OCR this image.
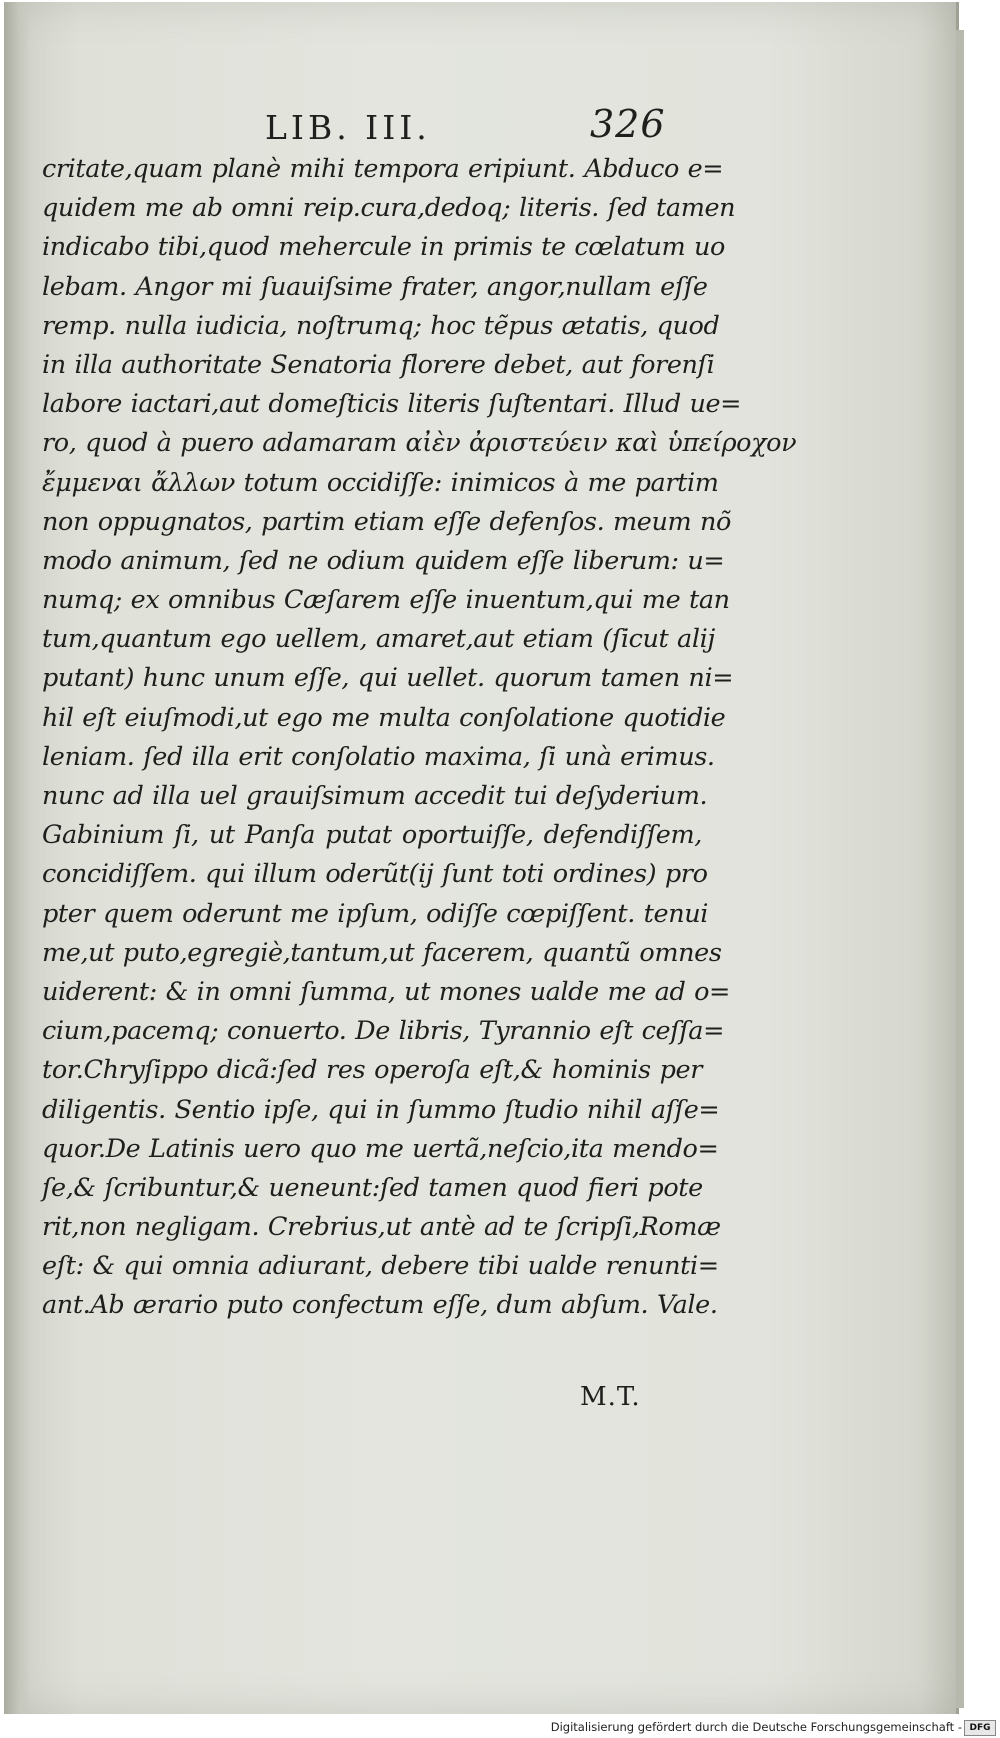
LIB. III.	326
critate,quam planè mihi tempora eripiunt. Abduco e=
quidem me ab omni reip.cura,dedoq; literis. ſed tamen
indicabo tibi,quod mehercule in primis te cœlatum uo
lebam. Angor mi ſuauiſsime frater, angor,nullam eſſe
remp. nulla iudicia, noſtrumq; hoc tẽpus ætatis, quod
in illa authoritate Senatoria florere debet, aut forenſi
labore iactari,aut domeſticis literis ſuſtentari. Illud ue=
ro, quod à puero adamaram αἰὲν ἀριστεύειν καὶ ὑπείροχον
ἔμμεναι ἄλλων totum occidiſſe: inimicos à me partim
non oppugnatos, partim etiam eſſe defenſos. meum nõ
modo animum, ſed ne odium quidem eſſe liberum: u=
numq; ex omnibus Cæſarem eſſe inuentum,qui me tan
tum,quantum ego uellem, amaret,aut etiam (ſicut alij
putant) hunc unum eſſe, qui uellet. quorum tamen ni=
hil eſt eiuſmodi,ut ego me multa conſolatione quotidie
leniam. ſed illa erit conſolatio maxima, ſi unà erimus.
nunc ad illa uel grauiſsimum accedit tui deſyderium.
Gabinium ſi, ut Panſa putat oportuiſſe, defendiſſem,
concidiſſem. qui illum oderũt(ij ſunt toti ordines) pro
pter quem oderunt me ipſum, odiſſe cœpiſſent. tenui
me,ut puto,egregiè,tantum,ut facerem, quantũ omnes
uiderent: & in omni ſumma, ut mones ualde me ad o=
cium,pacemq; conuerto. De libris, Tyrannio eſt ceſſa=
tor.Chryſippo dicã:ſed res operoſa eſt,& hominis per
diligentis. Sentio ipſe, qui in ſummo ſtudio nihil aſſe=
quor.De Latinis uero quo me uertã,neſcio,ita mendo=
ſe,& ſcribuntur,& ueneunt:ſed tamen quod fieri pote
rit,non negligam. Crebrius,ut antè ad te ſcripſi,Romæ
eſt: & qui omnia adiurant, debere tibi ualde renunti=
ant.Ab ærario puto confectum eſſe, dum abſum. Vale.
M.T.
Digitalisierung gefördert durch die Deutsche Forschungsgemeinschaft - DFG
